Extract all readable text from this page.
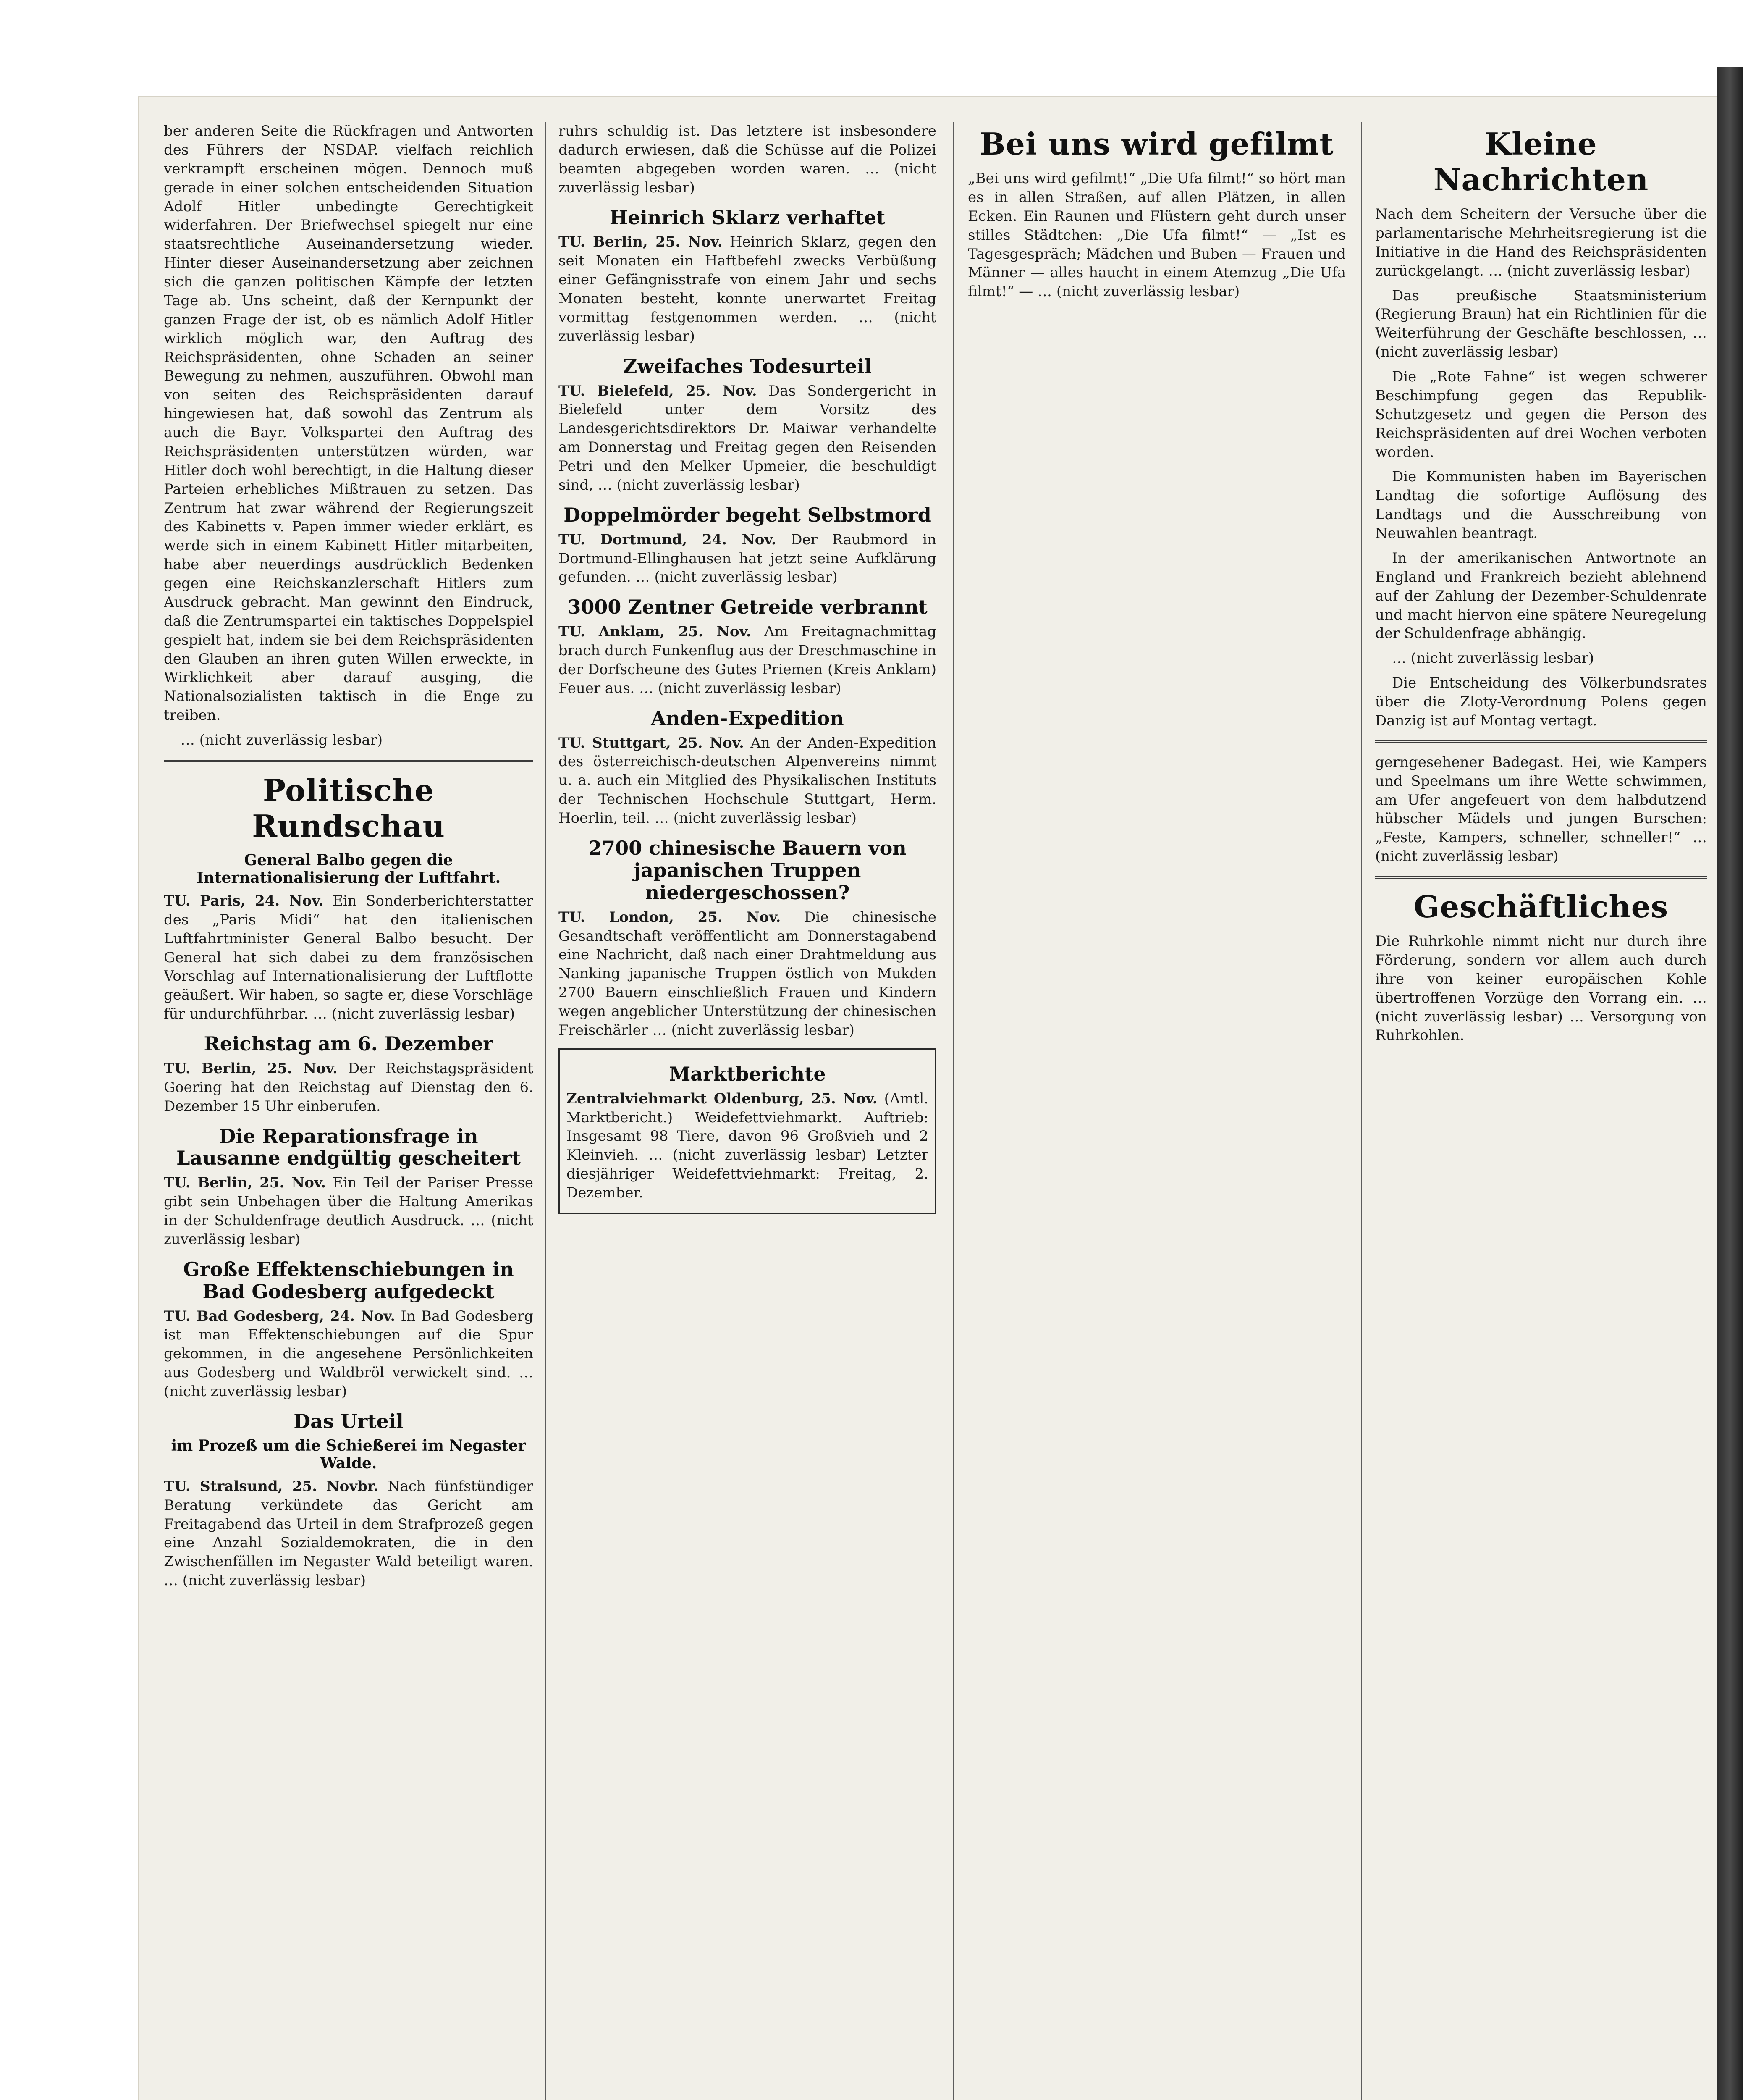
ber anderen Seite die Rückfragen und Antworten des Führers der NSDAP. vielfach reichlich verkrampft erscheinen mögen. Dennoch muß gerade in einer solchen entscheidenden Situation Adolf Hitler unbedingte Gerechtigkeit widerfahren. Der Briefwechsel spiegelt nur eine staatsrechtliche Auseinandersetzung wieder. Hinter dieser Auseinandersetzung aber zeichnen sich die ganzen politischen Kämpfe der letzten Tage ab. Uns scheint, daß der Kernpunkt der ganzen Frage der ist, ob es nämlich Adolf Hitler wirklich möglich war, den Auftrag des Reichspräsidenten, ohne Schaden an seiner Bewegung zu nehmen, auszuführen. Obwohl man von seiten des Reichspräsidenten darauf hingewiesen hat, daß sowohl das Zentrum als auch die Bayr. Volkspartei den Auftrag des Reichspräsidenten unterstützen würden, war Hitler doch wohl berechtigt, in die Haltung dieser Parteien erhebliches Mißtrauen zu setzen. Das Zentrum hat zwar während der Regierungszeit des Kabinetts v. Papen immer wieder erklärt, es werde sich in einem Kabinett Hitler mitarbeiten, habe aber neuerdings ausdrücklich Bedenken gegen eine Reichskanzlerschaft Hitlers zum Ausdruck gebracht. Man gewinnt den Eindruck, daß die Zentrumspartei ein taktisches Doppelspiel gespielt hat, indem sie bei dem Reichspräsidenten den Glauben an ihren guten Willen erweckte, in Wirklichkeit aber darauf ausging, die Nationalsozialisten taktisch in die Enge zu treiben.

… (nicht zuverlässig lesbar)

Politische Rundschau
General Balbo gegen die Internationalisierung der Luftfahrt.

TU. Paris, 24. Nov. Ein Sonderberichterstatter des „Paris Midi“ hat den italienischen Luftfahrtminister General Balbo besucht. Der General hat sich dabei zu dem französischen Vorschlag auf Internationalisierung der Luftflotte geäußert. Wir haben, so sagte er, diese Vorschläge für undurchführbar. … (nicht zuverlässig lesbar)

Reichstag am 6. Dezember

TU. Berlin, 25. Nov. Der Reichstagspräsident Goering hat den Reichstag auf Dienstag den 6. Dezember 15 Uhr einberufen.

Die Reparationsfrage in Lausanne endgültig gescheitert

TU. Berlin, 25. Nov. Ein Teil der Pariser Presse gibt sein Unbehagen über die Haltung Amerikas in der Schuldenfrage deutlich Ausdruck. … (nicht zuverlässig lesbar)

Große Effektenschiebungen in Bad Godesberg aufgedeckt

TU. Bad Godesberg, 24. Nov. In Bad Godesberg ist man Effektenschiebungen auf die Spur gekommen, in die angesehene Persönlichkeiten aus Godesberg und Waldbröl verwickelt sind. … (nicht zuverlässig lesbar)

Das Urteil
im Prozeß um die Schießerei im Negaster Walde.

TU. Stralsund, 25. Novbr. Nach fünfstündiger Beratung verkündete das Gericht am Freitagabend das Urteil in dem Strafprozeß gegen eine Anzahl Sozialdemokraten, die in den Zwischenfällen im Negaster Wald beteiligt waren. … (nicht zuverlässig lesbar)

ruhrs schuldig ist. Das letztere ist insbesondere dadurch erwiesen, daß die Schüsse auf die Polizei beamten abgegeben worden waren. … (nicht zuverlässig lesbar)

Heinrich Sklarz verhaftet

TU. Berlin, 25. Nov. Heinrich Sklarz, gegen den seit Monaten ein Haftbefehl zwecks Verbüßung einer Gefängnisstrafe von einem Jahr und sechs Monaten besteht, konnte unerwartet Freitag vormittag festgenommen werden. … (nicht zuverlässig lesbar)

Zweifaches Todesurteil

TU. Bielefeld, 25. Nov. Das Sondergericht in Bielefeld unter dem Vorsitz des Landesgerichtsdirektors Dr. Maiwar verhandelte am Donnerstag und Freitag gegen den Reisenden Petri und den Melker Upmeier, die beschuldigt sind, … (nicht zuverlässig lesbar)

Doppelmörder begeht Selbstmord

TU. Dortmund, 24. Nov. Der Raubmord in Dortmund-Ellinghausen hat jetzt seine Aufklärung gefunden. … (nicht zuverlässig lesbar)

3000 Zentner Getreide verbrannt

TU. Anklam, 25. Nov. Am Freitagnachmittag brach durch Funkenflug aus der Dreschmaschine in der Dorfscheune des Gutes Priemen (Kreis Anklam) Feuer aus. … (nicht zuverlässig lesbar)

Anden-Expedition

TU. Stuttgart, 25. Nov. An der Anden-Expedition des österreichisch-deutschen Alpenvereins nimmt u. a. auch ein Mitglied des Physikalischen Instituts der Technischen Hochschule Stuttgart, Herm. Hoerlin, teil. … (nicht zuverlässig lesbar)

2700 chinesische Bauern von japanischen Truppen niedergeschossen?

TU. London, 25. Nov. Die chinesische Gesandtschaft veröffentlicht am Donnerstagabend eine Nachricht, daß nach einer Drahtmeldung aus Nanking japanische Truppen östlich von Mukden 2700 Bauern einschließlich Frauen und Kindern wegen angeblicher Unterstützung der chinesischen Freischärler … (nicht zuverlässig lesbar)

Marktberichte

Zentralviehmarkt Oldenburg, 25. Nov. (Amtl. Marktbericht.) Weidefettviehmarkt. Auftrieb: Insgesamt 98 Tiere, davon 96 Großvieh und 2 Kleinvieh. … (nicht zuverlässig lesbar) Letzter diesjähriger Weidefettviehmarkt: Freitag, 2. Dezember.

Bei uns wird gefilmt

„Bei uns wird gefilmt!“ „Die Ufa filmt!“ so hört man es in allen Straßen, auf allen Plätzen, in allen Ecken. Ein Raunen und Flüstern geht durch unser stilles Städtchen: „Die Ufa filmt!“ — „Ist es Tagesgespräch; Mädchen und Buben — Frauen und Männer — alles haucht in einem Atemzug „Die Ufa filmt!“ — … (nicht zuverlässig lesbar)

Kleine Nachrichten

Nach dem Scheitern der Versuche über die parlamentarische Mehrheitsregierung ist die Initiative in die Hand des Reichspräsidenten zurückgelangt. … (nicht zuverlässig lesbar)

Das preußische Staatsministerium (Regierung Braun) hat ein Richtlinien für die Weiterführung der Geschäfte beschlossen, … (nicht zuverlässig lesbar)

Die „Rote Fahne“ ist wegen schwerer Beschimpfung gegen das Republik-Schutzgesetz und gegen die Person des Reichspräsidenten auf drei Wochen verboten worden.

Die Kommunisten haben im Bayerischen Landtag die sofortige Auflösung des Landtags und die Ausschreibung von Neuwahlen beantragt.

In der amerikanischen Antwortnote an England und Frankreich bezieht ablehnend auf der Zahlung der Dezember-Schuldenrate und macht hiervon eine spätere Neuregelung der Schuldenfrage abhängig.

… (nicht zuverlässig lesbar)

Die Entscheidung des Völkerbundsrates über die Zloty-Verordnung Polens gegen Danzig ist auf Montag vertagt.

gerngesehener Badegast. Hei, wie Kampers und Speelmans um ihre Wette schwimmen, am Ufer angefeuert von dem halbdutzend hübscher Mädels und jungen Burschen: „Feste, Kampers, schneller, schneller!“ … (nicht zuverlässig lesbar)

Geschäftliches

Die Ruhrkohle nimmt nicht nur durch ihre Förderung, sondern vor allem auch durch ihre von keiner europäischen Kohle übertroffenen Vorzüge den Vorrang ein. … (nicht zuverlässig lesbar) … Versorgung von Ruhrkohlen.
